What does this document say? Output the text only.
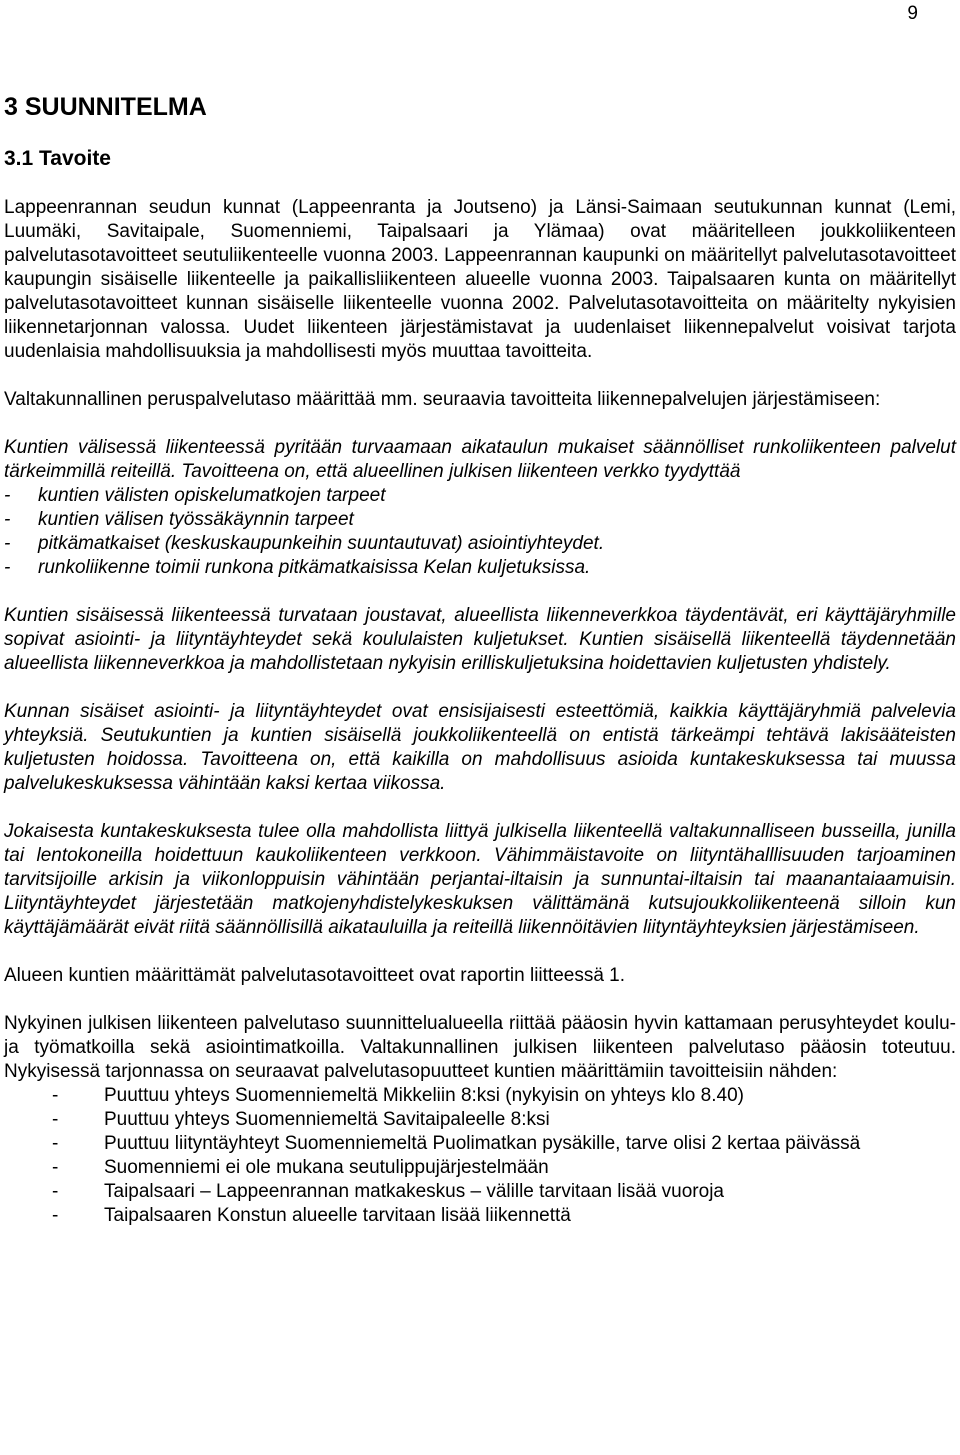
9
3 SUUNNITELMA
3.1 Tavoite

Lappeenrannan seudun kunnat (Lappeenranta ja Joutseno) ja Länsi-Saimaan seutukunnan kunnat (Lemi, Luumäki, Savitaipale, Suomenniemi, Taipalsaari ja Ylämaa) ovat määritelleen joukkoliikenteen palvelutasotavoitteet seutuliikenteelle vuonna 2003. Lappeenrannan kaupunki on määritellyt palvelutasotavoitteet kaupungin sisäiselle liikenteelle ja paikallisliikenteen alueelle vuonna 2003. Taipalsaaren kunta on määritellyt palvelutasotavoitteet kunnan sisäiselle liikenteelle vuonna 2002. Palvelutasotavoitteita on määritelty nykyisien liikennetarjonnan valossa. Uudet liikenteen järjestämistavat ja uudenlaiset liikennepalvelut voisivat tarjota uudenlaisia mahdollisuuksia ja mahdollisesti myös muuttaa tavoitteita.

Valtakunnallinen peruspalvelutaso määrittää mm. seuraavia tavoitteita liikennepalvelujen järjestämiseen:

Kuntien välisessä liikenteessä pyritään turvaamaan aikataulun mukaiset säännölliset runkoliikenteen palvelut tärkeimmillä reiteillä. Tavoitteena on, että alueellinen julkisen liikenteen verkko tyydyttää

- kuntien välisten opiskelumatkojen tarpeet
- kuntien välisen työssäkäynnin tarpeet
- pitkämatkaiset (keskuskaupunkeihin suuntautuvat) asiointiyhteydet.
- runkoliikenne toimii runkona pitkämatkaisissa Kelan kuljetuksissa.

Kuntien sisäisessä liikenteessä turvataan joustavat, alueellista liikenneverkkoa täydentävät, eri käyttäjäryhmille sopivat asiointi- ja liityntäyhteydet sekä koululaisten kuljetukset. Kuntien sisäisellä liikenteellä täydennetään alueellista liikenneverkkoa ja mahdollistetaan nykyisin erilliskuljetuksina hoidettavien kuljetusten yhdistely.

Kunnan sisäiset asiointi- ja liityntäyhteydet ovat ensisijaisesti esteettömiä, kaikkia käyttäjäryhmiä palvelevia yhteyksiä. Seutukuntien ja kuntien sisäisellä joukkoliikenteellä on entistä tärkeämpi tehtävä lakisääteisten kuljetusten hoidossa. Tavoitteena on, että kaikilla on mahdollisuus asioida kuntakeskuksessa tai muussa palvelukeskuksessa vähintään kaksi kertaa viikossa.

Jokaisesta kuntakeskuksesta tulee olla mahdollista liittyä julkisella liikenteellä valtakunnalliseen busseilla, junilla tai lentokoneilla hoidettuun kaukoliikenteen verkkoon. Vähimmäistavoite on liityntähalllisuuden tarjoaminen tarvitsijoille arkisin ja viikonloppuisin vähintään perjantai-iltaisin ja sunnuntai-iltaisin tai maanantaiaamuisin. Liityntäyhteydet järjestetään matkojenyhdistelykeskuksen välittämänä kutsujoukkoliikenteenä silloin kun käyttäjämäärät eivät riitä säännöllisillä aikatauluilla ja reiteillä liikennöitävien liityntäyhteyksien järjestämiseen.

Alueen kuntien määrittämät palvelutasotavoitteet ovat raportin liitteessä 1.

Nykyinen julkisen liikenteen palvelutaso suunnittelualueella riittää pääosin hyvin kattamaan perusyhteydet koulu- ja työmatkoilla sekä asiointimatkoilla. Valtakunnallinen julkisen liikenteen palvelutaso pääosin toteutuu. Nykyisessä tarjonnassa on seuraavat palvelutasopuutteet kuntien määrittämiin tavoitteisiin nähden:

- Puuttuu yhteys Suomenniemeltä Mikkeliin 8:ksi (nykyisin on yhteys klo 8.40)
- Puuttuu yhteys Suomenniemeltä Savitaipaleelle 8:ksi
- Puuttuu liityntäyhteyt Suomenniemeltä Puolimatkan pysäkille, tarve olisi 2 kertaa päivässä
- Suomenniemi ei ole mukana seutulippujärjestelmään
- Taipalsaari – Lappeenrannan matkakeskus – välille tarvitaan lisää vuoroja
- Taipalsaaren Konstun alueelle tarvitaan lisää liikennettä
